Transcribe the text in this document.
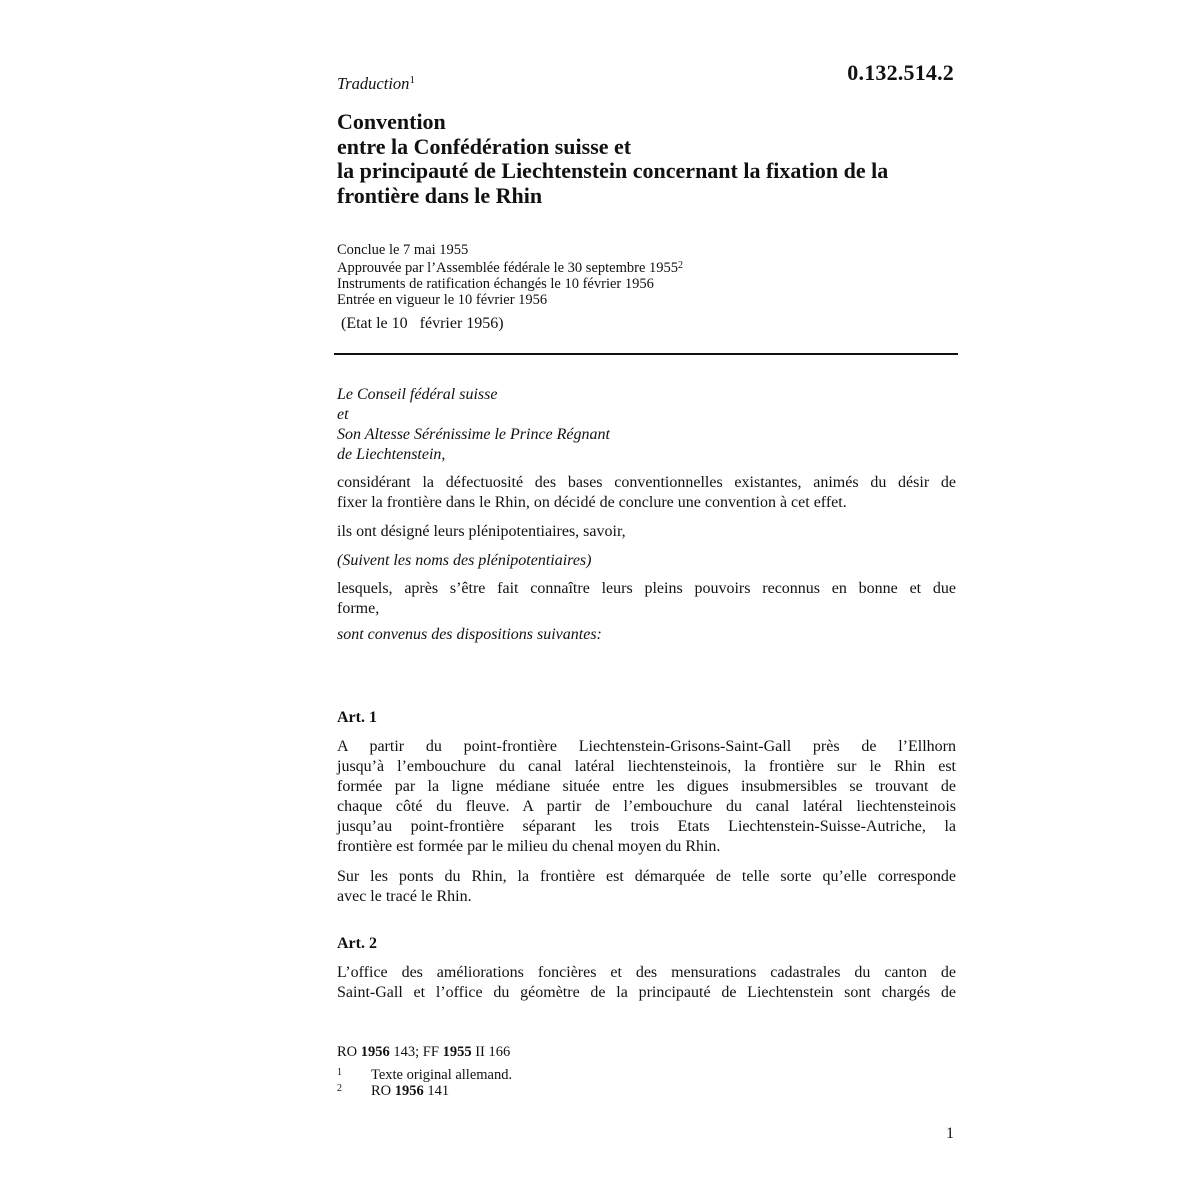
0.132.514.2
Traduction$^1$
Convention
entre la Confédération suisse et
la principauté de Liechtenstein concernant la fixation de la
frontière dans le Rhin
Conclue le 7 mai 1955
Approuvée par l’Assemblée fédérale le 30 septembre 1955$^2$
Instruments de ratification échangés le 10 février 1956
Entrée en vigueur le 10 février 1956
(Etat le 10   février 1956)
Le Conseil fédéral suisse
et
Son Altesse Sérénissime le Prince Régnant
de Liechtenstein,
considérant la défectuosité des bases conventionnelles existantes, animés du désir de
fixer la frontière dans le Rhin, on décidé de conclure une convention à cet effet.
ils ont désigné leurs plénipotentiaires, savoir,
(Suivent les noms des plénipotentiaires)
lesquels, après s’être fait connaître leurs pleins pouvoirs reconnus en bonne et due
forme,
sont convenus des dispositions suivantes:
Art. 1
A partir du point-frontière Liechtenstein-Grisons-Saint-Gall près de l’Ellhorn
jusqu’à l’embouchure du canal latéral liechtensteinois, la frontière sur le Rhin est
formée par la ligne médiane située entre les digues insubmersibles se trouvant de
chaque côté du fleuve. A partir de l’embouchure du canal latéral liechtensteinois
jusqu’au point-frontière séparant les trois Etats Liechtenstein-Suisse-Autriche, la
frontière est formée par le milieu du chenal moyen du Rhin.
Sur les ponts du Rhin, la frontière est démarquée de telle sorte qu’elle corresponde
avec le tracé le Rhin.
Art. 2
L’office des améliorations foncières et des mensurations cadastrales du canton de
Saint-Gall et l’office du géomètre de la principauté de Liechtenstein sont chargés de
RO 1956 143; FF 1955 II 166
1 Texte original allemand.
2 RO 1956 141
1
